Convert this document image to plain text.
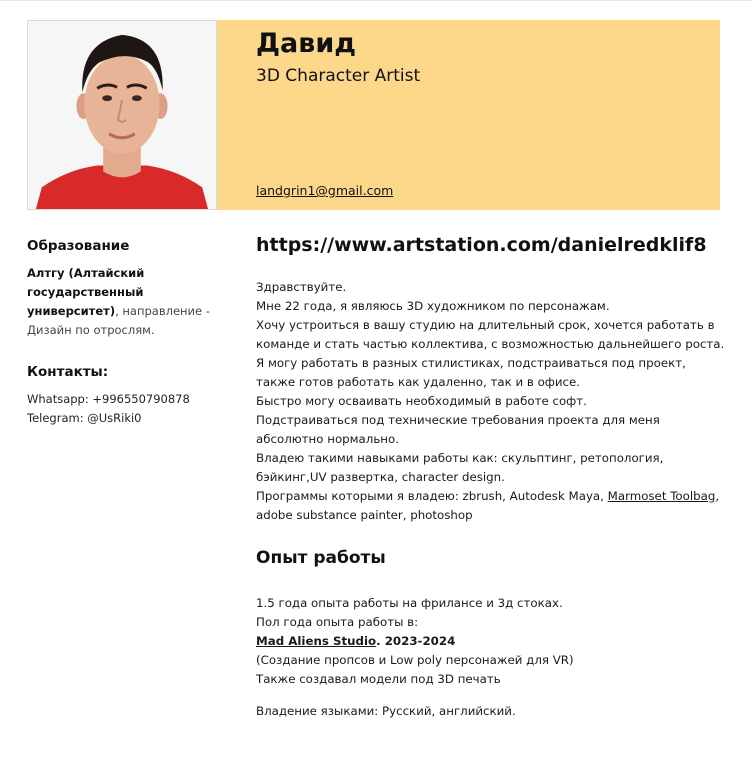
Давид
3D Character Artist
landgrin1@gmail.com
Образование
Алтгу (Алтайский государственный университет), направление - Дизайн по отрослям.
Контакты:
Whatsapp: +996550790878
Telegram: @UsRiki0
https://www.artstation.com/danielredklif8
Здравствуйте.
Мне 22 года, я являюсь 3D художником по персонажам.
Хочу устроиться в вашу студию на длительный срок, хочется работать в команде и стать частью коллектива, с возможностью дальнейшего роста.
Я могу работать в разных стилистиках, подстраиваться под проект, также готов работать как удаленно, так и в офисе.
Быстро могу осваивать необходимый в работе софт.
Подстраиваться под технические требования проекта для меня абсолютно нормально.
Владею такими навыками работы как: скульптинг, ретопология, бэйкинг,UV развертка, character design.
Программы которыми я владею: zbrush, Autodesk Maya, Marmoset Toolbag, adobe substance painter, photoshop
Опыт работы
1.5 года опыта работы на фрилансе и 3д стоках.
Пол года опыта работы в:
Mad Aliens Studio. 2023-2024
(Создание пропсов и Low poly персонажей для VR)
Также создавал модели под 3D печать
Владение языками: Русский, английский.
